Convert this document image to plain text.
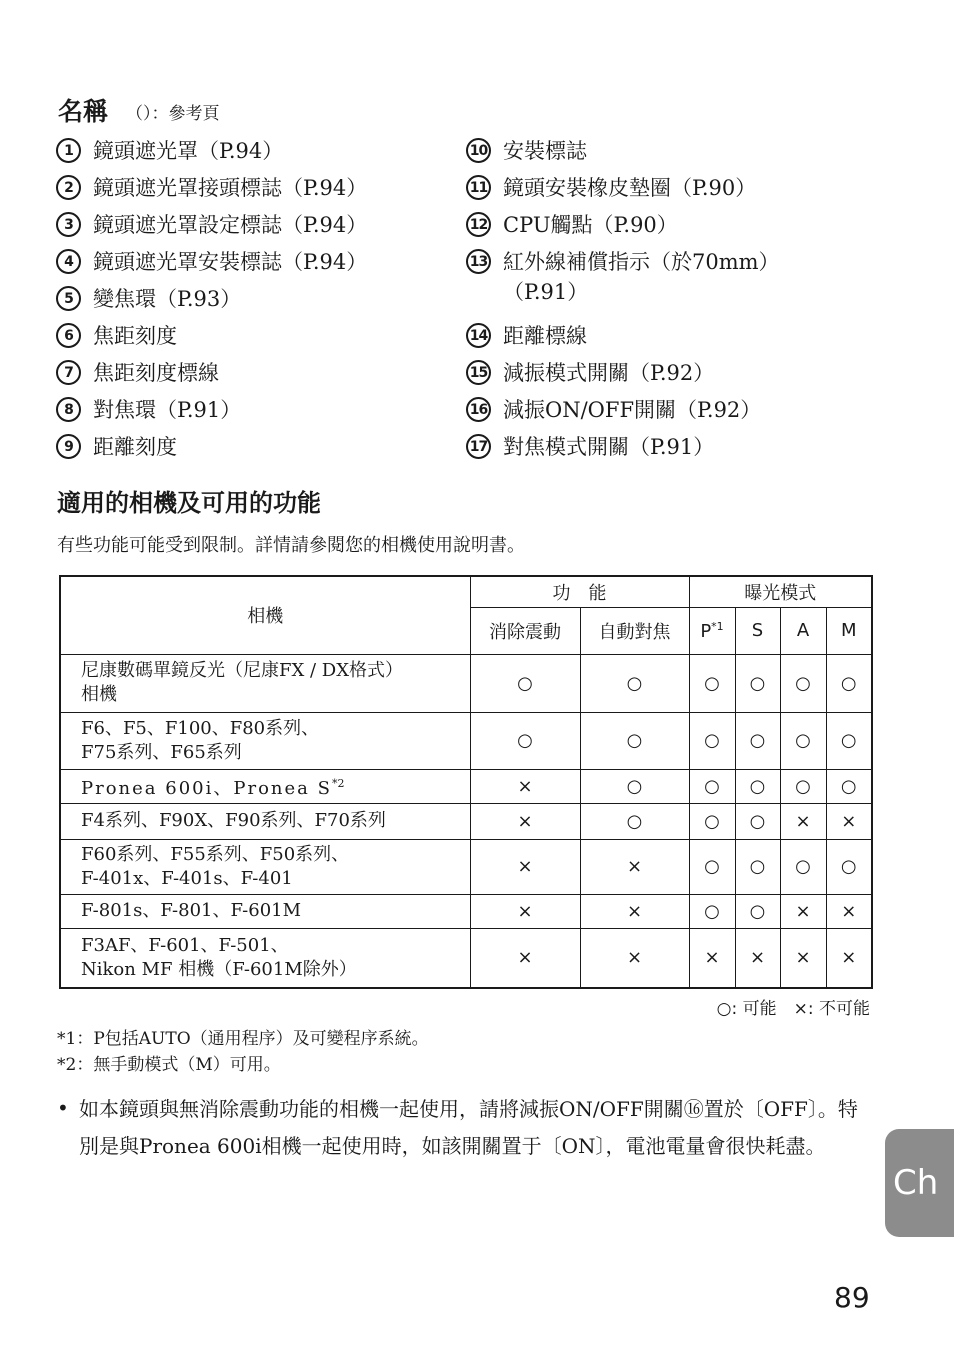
名稱 （）：參考頁
1 鏡頭遮光罩（P.94）
2 鏡頭遮光罩接頭標誌（P.94）
3 鏡頭遮光罩設定標誌（P.94）
4 鏡頭遮光罩安裝標誌（P.94）
5 變焦環（P.93）
6 焦距刻度
7 焦距刻度標線
8 對焦環（P.91）
9 距離刻度
10 安裝標誌
11 鏡頭安裝橡皮墊圈（P.90）
12 CPU觸點（P.90）
13 紅外線補償指示（於70mm）（P.91）
14 距離標線
15 減振模式開關（P.92）
16 減振ON/OFF開關（P.92）
17 對焦模式開關（P.91）
適用的相機及可用的功能
有些功能可能受到限制。詳情請參閱您的相機使用說明書。
相機	功　能		曝光模式			
	消除震動	自動對焦	$P^{*1}$	S	A	M

尼康數碼單鏡反光（尼康FX / DX格式）
相機	○	○	○	○	○	○

F6、F5、F100、F80系列、
F75系列、F65系列	○	○	○	○	○	○
Pronea 600i、Pronea $S^{*2}$	×	○	○	○	○	○

F4系列、F90X、F90系列、F70系列	×	○	○	○	×	×

F60系列、F55系列、F50系列、
F-401x、F-401s、F-401	×	×	○	○	○	○

F-801s、F-801、F-601M	×	×	○	○	×	×

F3AF、F-601、F-501、
Nikon MF 相機（F-601M除外）	×	×	×	×	×	×
○: 可能　×: 不可能
*1：P包括AUTO（通用程序）及可變程序系統。
*2：無手動模式（M）可用。
• 如本鏡頭與無消除震動功能的相機一起使用，請將減振ON/OFF開關⑯置於〔OFF〕。特別是與Pronea 600i相機一起使用時，如該開關置于〔ON〕，電池電量會很快耗盡。
Ch
89
